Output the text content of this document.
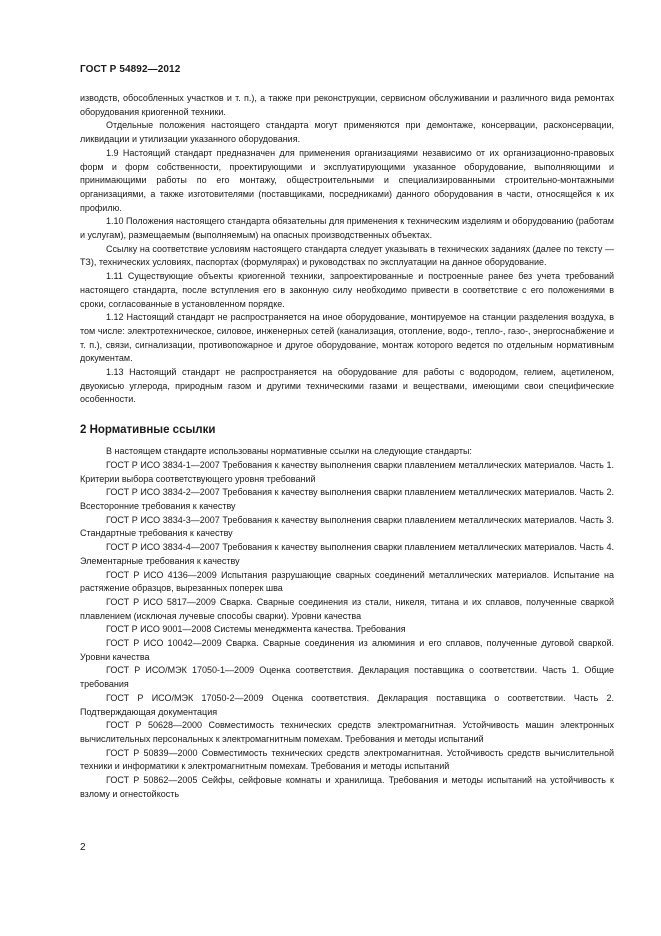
ГОСТ Р 54892—2012

изводств, обособленных участков и т. п.), а также при реконструкции, сервисном обслуживании и различного вида ремонтах оборудования криогенной техники.

Отдельные положения настоящего стандарта могут применяются при демонтаже, консервации, расконсервации, ликвидации и утилизации указанного оборудования.

1.9 Настоящий стандарт предназначен для применения организациями независимо от их организационно-правовых форм и форм собственности, проектирующими и эксплуатирующими указанное оборудование, выполняющими и принимающими работы по его монтажу, общестроительными и специализированными строительно-монтажными организациями, а также изготовителями (поставщиками, посредниками) данного оборудования в части, относящейся к их профилю.

1.10 Положения настоящего стандарта обязательны для применения к техническим изделиям и оборудованию (работам и услугам), размещаемым (выполняемым) на опасных производственных объектах.

Ссылку на соответствие условиям настоящего стандарта следует указывать в технических заданиях (далее по тексту — ТЗ), технических условиях, паспортах (формулярах) и руководствах по эксплуатации на данное оборудование.

1.11 Существующие объекты криогенной техники, запроектированные и построенные ранее без учета требований настоящего стандарта, после вступления его в законную силу необходимо привести в соответствие с его положениями в сроки, согласованные в установленном порядке.

1.12 Настоящий стандарт не распространяется на иное оборудование, монтируемое на станции разделения воздуха, в том числе: электротехническое, силовое, инженерных сетей (канализация, отопление, водо-, тепло-, газо-, энергоснабжение и т. п.), связи, сигнализации, противопожарное и другое оборудование, монтаж которого ведется по отдельным нормативным документам.

1.13 Настоящий стандарт не распространяется на оборудование для работы с водородом, гелием, ацетиленом, двуокисью углерода, природным газом и другими техническими газами и веществами, имеющими свои специфические особенности.

2 Нормативные ссылки

В настоящем стандарте использованы нормативные ссылки на следующие стандарты:

ГОСТ Р ИСО 3834-1—2007 Требования к качеству выполнения сварки плавлением металлических материалов. Часть 1. Критерии выбора соответствующего уровня требований

ГОСТ Р ИСО 3834-2—2007 Требования к качеству выполнения сварки плавлением металлических материалов. Часть 2. Всесторонние требования к качеству

ГОСТ Р ИСО 3834-3—2007 Требования к качеству выполнения сварки плавлением металлических материалов. Часть 3. Стандартные требования к качеству

ГОСТ Р ИСО 3834-4—2007 Требования к качеству выполнения сварки плавлением металлических материалов. Часть 4. Элементарные требования к качеству

ГОСТ Р ИСО 4136—2009 Испытания разрушающие сварных соединений металлических материалов. Испытание на растяжение образцов, вырезанных поперек шва

ГОСТ Р ИСО 5817—2009 Сварка. Сварные соединения из стали, никеля, титана и их сплавов, полученные сваркой плавлением (исключая лучевые способы сварки). Уровни качества

ГОСТ Р ИСО 9001—2008 Системы менеджмента качества. Требования

ГОСТ Р ИСО 10042—2009 Сварка. Сварные соединения из алюминия и его сплавов, полученные дуговой сваркой. Уровни качества

ГОСТ Р ИСО/МЭК 17050-1—2009 Оценка соответствия. Декларация поставщика о соответствии. Часть 1. Общие требования

ГОСТ Р ИСО/МЭК 17050-2—2009 Оценка соответствия. Декларация поставщика о соответствии. Часть 2. Подтверждающая документация

ГОСТ Р 50628—2000 Совместимость технических средств электромагнитная. Устойчивость машин электронных вычислительных персональных к электромагнитным помехам. Требования и методы испытаний

ГОСТ Р 50839—2000 Совместимость технических средств электромагнитная. Устойчивость средств вычислительной техники и информатики к электромагнитным помехам. Требования и методы испытаний

ГОСТ Р 50862—2005 Сейфы, сейфовые комнаты и хранилища. Требования и методы испытаний на устойчивость к взлому и огнестойкость

2
